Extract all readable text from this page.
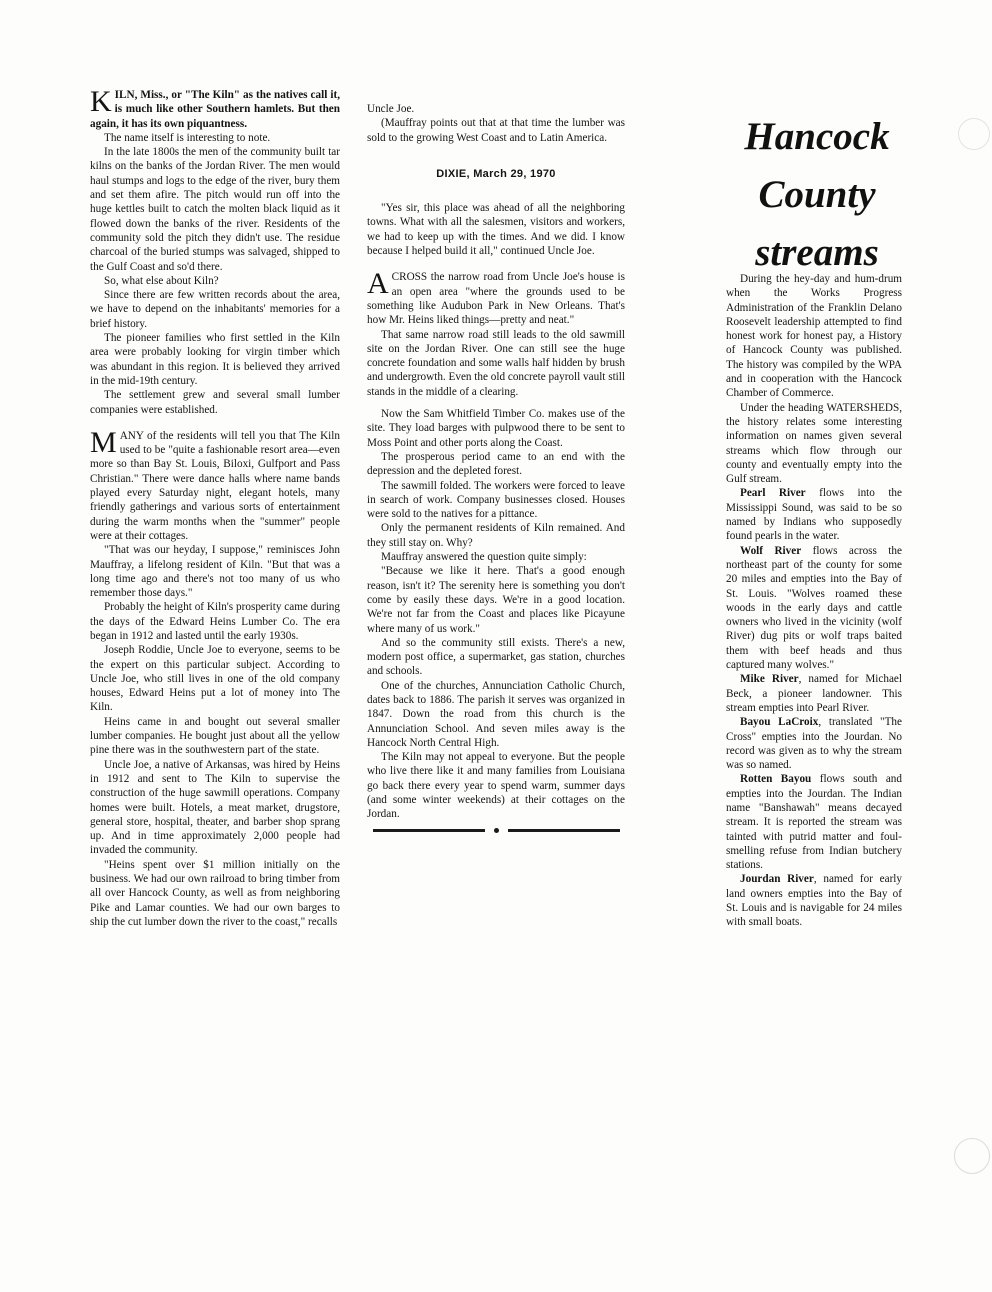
KILN, Miss., or "The Kiln" as the natives call it, is much like other Southern hamlets. But then again, it has its own piquantness.

The name itself is interesting to note.

In the late 1800s the men of the community built tar kilns on the banks of the Jordan River. The men would haul stumps and logs to the edge of the river, bury them and set them afire. The pitch would run off into the huge kettles built to catch the molten black liquid as it flowed down the banks of the river. Residents of the community sold the pitch they didn't use. The residue charcoal of the buried stumps was salvaged, shipped to the Gulf Coast and so'd there.

So, what else about Kiln?

Since there are few written records about the area, we have to depend on the inhabitants' memories for a brief history.

The pioneer families who first settled in the Kiln area were probably looking for virgin timber which was abundant in this region. It is believed they arrived in the mid-19th century.

The settlement grew and several small lumber companies were established.

MANY of the residents will tell you that The Kiln used to be "quite a fashionable resort area—even more so than Bay St. Louis, Biloxi, Gulfport and Pass Christian." There were dance halls where name bands played every Saturday night, elegant hotels, many friendly gatherings and various sorts of entertainment during the warm months when the "summer" people were at their cottages.

"That was our heyday, I suppose," reminisces John Mauffray, a lifelong resident of Kiln. "But that was a long time ago and there's not too many of us who remember those days."

Probably the height of Kiln's prosperity came during the days of the Edward Heins Lumber Co. The era began in 1912 and lasted until the early 1930s.

Joseph Roddie, Uncle Joe to everyone, seems to be the expert on this particular subject. According to Uncle Joe, who still lives in one of the old company houses, Edward Heins put a lot of money into The Kiln.

Heins came in and bought out several smaller lumber companies. He bought just about all the yellow pine there was in the southwestern part of the state.

Uncle Joe, a native of Arkansas, was hired by Heins in 1912 and sent to The Kiln to supervise the construction of the huge sawmill operations. Company homes were built. Hotels, a meat market, drugstore, general store, hospital, theater, and barber shop sprang up. And in time approximately 2,000 people had invaded the community.

"Heins spent over $1 million initially on the business. We had our own railroad to bring timber from all over Hancock County, as well as from neighboring Pike and Lamar counties. We had our own barges to ship the cut lumber down the river to the coast," recalls

Uncle Joe.

(Mauffray points out that at that time the lumber was sold to the growing West Coast and to Latin America.

DIXIE, March 29, 1970

"Yes sir, this place was ahead of all the neighboring towns. What with all the salesmen, visitors and workers, we had to keep up with the times. And we did. I know because I helped build it all," continued Uncle Joe.

ACROSS the narrow road from Uncle Joe's house is an open area "where the grounds used to be something like Audubon Park in New Orleans. That's how Mr. Heins liked things—pretty and neat."

That same narrow road still leads to the old sawmill site on the Jordan River. One can still see the huge concrete foundation and some walls half hidden by brush and undergrowth. Even the old concrete payroll vault still stands in the middle of a clearing.

Now the Sam Whitfield Timber Co. makes use of the site. They load barges with pulpwood there to be sent to Moss Point and other ports along the Coast.

The prosperous period came to an end with the depression and the depleted forest.

The sawmill folded. The workers were forced to leave in search of work. Company businesses closed. Houses were sold to the natives for a pittance.

Only the permanent residents of Kiln remained. And they still stay on. Why?

Mauffray answered the question quite simply:

"Because we like it here. That's a good enough reason, isn't it? The serenity here is something you don't come by easily these days. We're in a good location. We're not far from the Coast and places like Picayune where many of us work."

And so the community still exists. There's a new, modern post office, a supermarket, gas station, churches and schools.

One of the churches, Annunciation Catholic Church, dates back to 1886. The parish it serves was organized in 1847. Down the road from this church is the Annunciation School. And seven miles away is the Hancock North Central High.

The Kiln may not appeal to everyone. But the people who live there like it and many families from Louisiana go back there every year to spend warm, summer days (and some winter weekends) at their cottages on the Jordan.

Hancock
County
streams

During the hey-day and hum-drum when the Works Progress Administration of the Franklin Delano Roosevelt leadership attempted to find honest work for honest pay, a History of Hancock County was published. The history was compiled by the WPA and in cooperation with the Hancock Chamber of Commerce.

Under the heading WATERSHEDS, the history relates some interesting information on names given several streams which flow through our county and eventually empty into the Gulf stream.

Pearl River flows into the Mississippi Sound, was said to be so named by Indians who supposedly found pearls in the water.

Wolf River flows across the northeast part of the county for some 20 miles and empties into the Bay of St. Louis. "Wolves roamed these woods in the early days and cattle owners who lived in the vicinity (wolf River) dug pits or wolf traps baited them with beef heads and thus captured many wolves."

Mike River, named for Michael Beck, a pioneer landowner. This stream empties into Pearl River.

Bayou LaCroix, translated "The Cross" empties into the Jourdan. No record was given as to why the stream was so named.

Rotten Bayou flows south and empties into the Jourdan. The Indian name "Banshawah" means decayed stream. It is reported the stream was tainted with putrid matter and foul-smelling refuse from Indian butchery stations.

Jourdan River, named for early land owners empties into the Bay of St. Louis and is navigable for 24 miles with small boats.
